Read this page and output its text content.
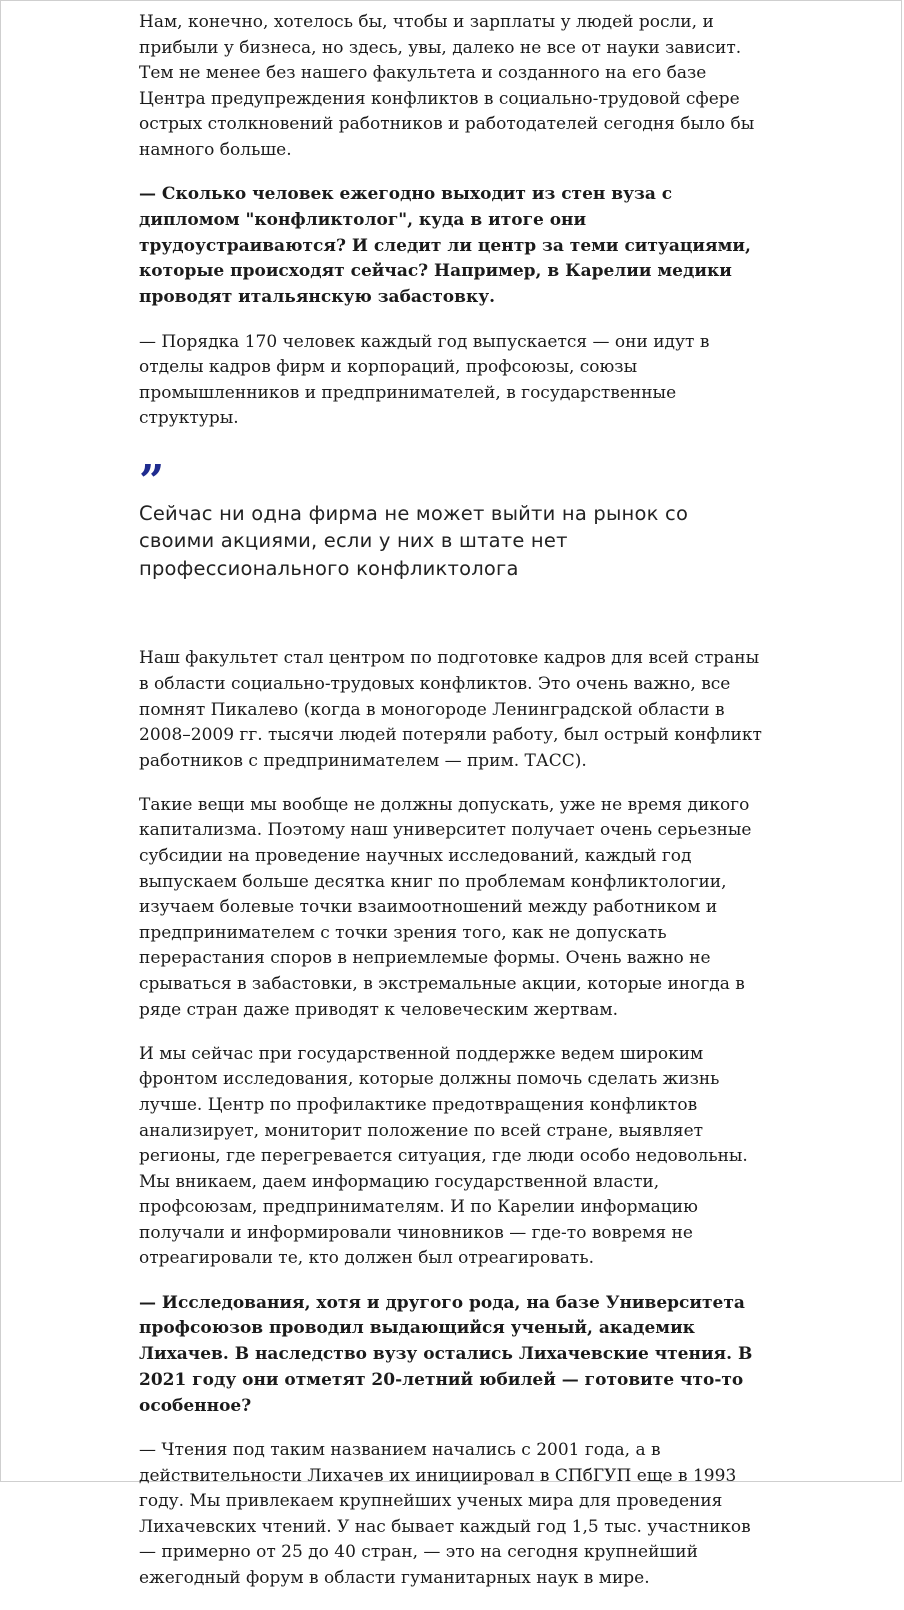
Нам, конечно, хотелось бы, чтобы и зарплаты у людей росли, и прибыли у бизнеса, но здесь, увы, далеко не все от науки зависит. Тем не менее без нашего факультета и созданного на его базе Центра предупреждения конфликтов в социально-трудовой сфере острых столкновений работников и работодателей сегодня было бы намного больше.

— Сколько человек ежегодно выходит из стен вуза с дипломом "конфликтолог", куда в итоге они трудоустраиваются? И следит ли центр за теми ситуациями, которые происходят сейчас? Например, в Карелии медики проводят итальянскую забастовку.

— Порядка 170 человек каждый год выпускается — они идут в отделы кадров фирм и корпораций, профсоюзы, союзы промышленников и предпринимателей, в государственные структуры.

”
Сейчас ни одна фирма не может выйти на рынок со своими акциями, если у них в штате нет профессионального конфликтолога

Наш факультет стал центром по подготовке кадров для всей страны в области социально-трудовых конфликтов. Это очень важно, все помнят Пикалево (когда в моногороде Ленинградской области в 2008–2009 гг. тысячи людей потеряли работу, был острый конфликт работников с предпринимателем — прим. ТАСС).

Такие вещи мы вообще не должны допускать, уже не время дикого капитализма. Поэтому наш университет получает очень серьезные субсидии на проведение научных исследований, каждый год выпускаем больше десятка книг по проблемам конфликтологии, изучаем болевые точки взаимоотношений между работником и предпринимателем с точки зрения того, как не допускать перерастания споров в неприемлемые формы. Очень важно не срываться в забастовки, в экстремальные акции, которые иногда в ряде стран даже приводят к человеческим жертвам.

И мы сейчас при государственной поддержке ведем широким фронтом исследования, которые должны помочь сделать жизнь лучше. Центр по профилактике предотвращения конфликтов анализирует, мониторит положение по всей стране, выявляет регионы, где перегревается ситуация, где люди особо недовольны. Мы вникаем, даем информацию государственной власти, профсоюзам, предпринимателям. И по Карелии информацию получали и информировали чиновников — где-то вовремя не отреагировали те, кто должен был отреагировать.

— Исследования, хотя и другого рода, на базе Университета профсоюзов проводил выдающийся ученый, академик Лихачев. В наследство вузу остались Лихачевские чтения. В 2021 году они отметят 20-летний юбилей — готовите что-то особенное?

— Чтения под таким названием начались с 2001 года, а в действительности Лихачев их инициировал в СПбГУП еще в 1993 году. Мы привлекаем крупнейших ученых мира для проведения Лихачевских чтений. У нас бывает каждый год 1,5 тыс. участников — примерно от 25 до 40 стран, — это на сегодня крупнейший ежегодный форум в области гуманитарных наук в мире.
